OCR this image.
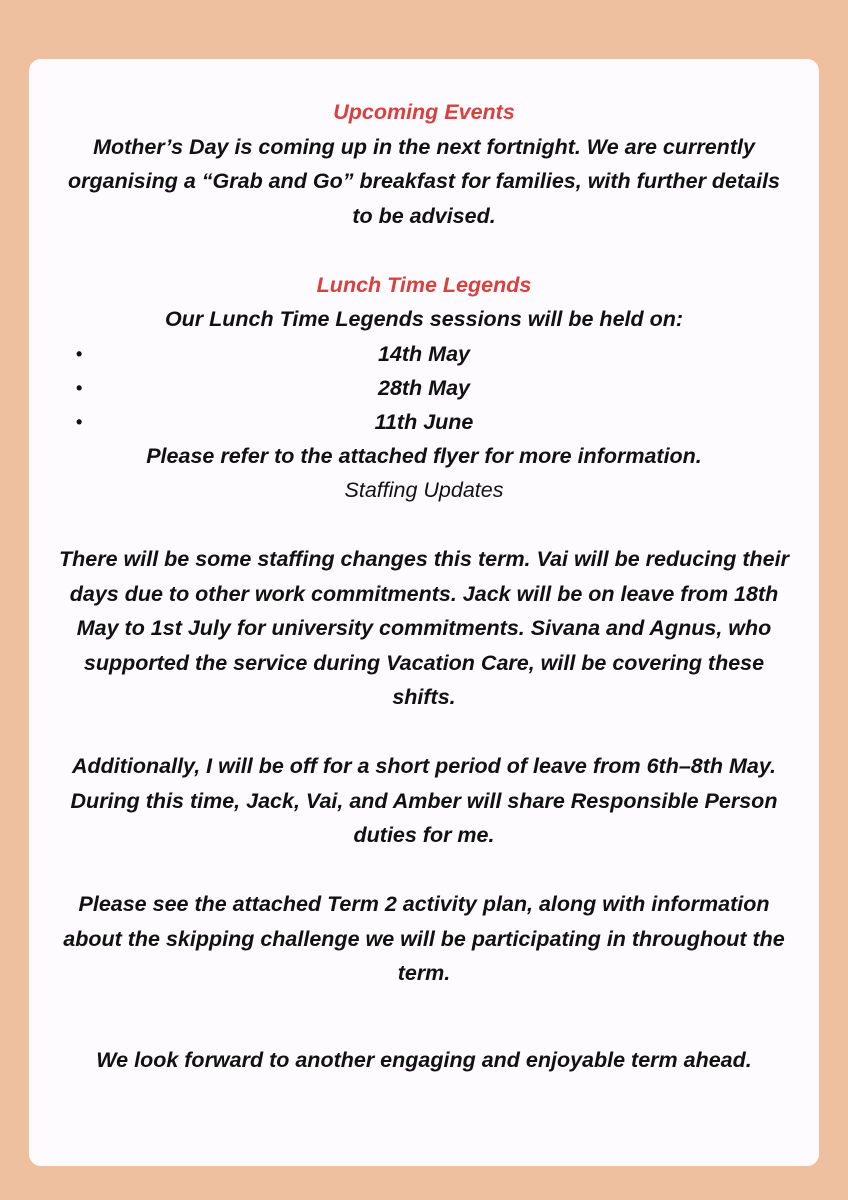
Upcoming Events
Mother’s Day is coming up in the next fortnight. We are currently organising a “Grab and Go” breakfast for families, with further details to be advised.
Lunch Time Legends
Our Lunch Time Legends sessions will be held on:
•	14th May
•	28th May
•	11th June
Please refer to the attached flyer for more information.
Staffing Updates
There will be some staffing changes this term. Vai will be reducing their days due to other work commitments. Jack will be on leave from 18th May to 1st July for university commitments. Sivana and Agnus, who supported the service during Vacation Care, will be covering these shifts.
Additionally, I will be off for a short period of leave from 6th–8th May. During this time, Jack, Vai, and Amber will share Responsible Person duties for me.
Please see the attached Term 2 activity plan, along with information about the skipping challenge we will be participating in throughout the term.
We look forward to another engaging and enjoyable term ahead.
